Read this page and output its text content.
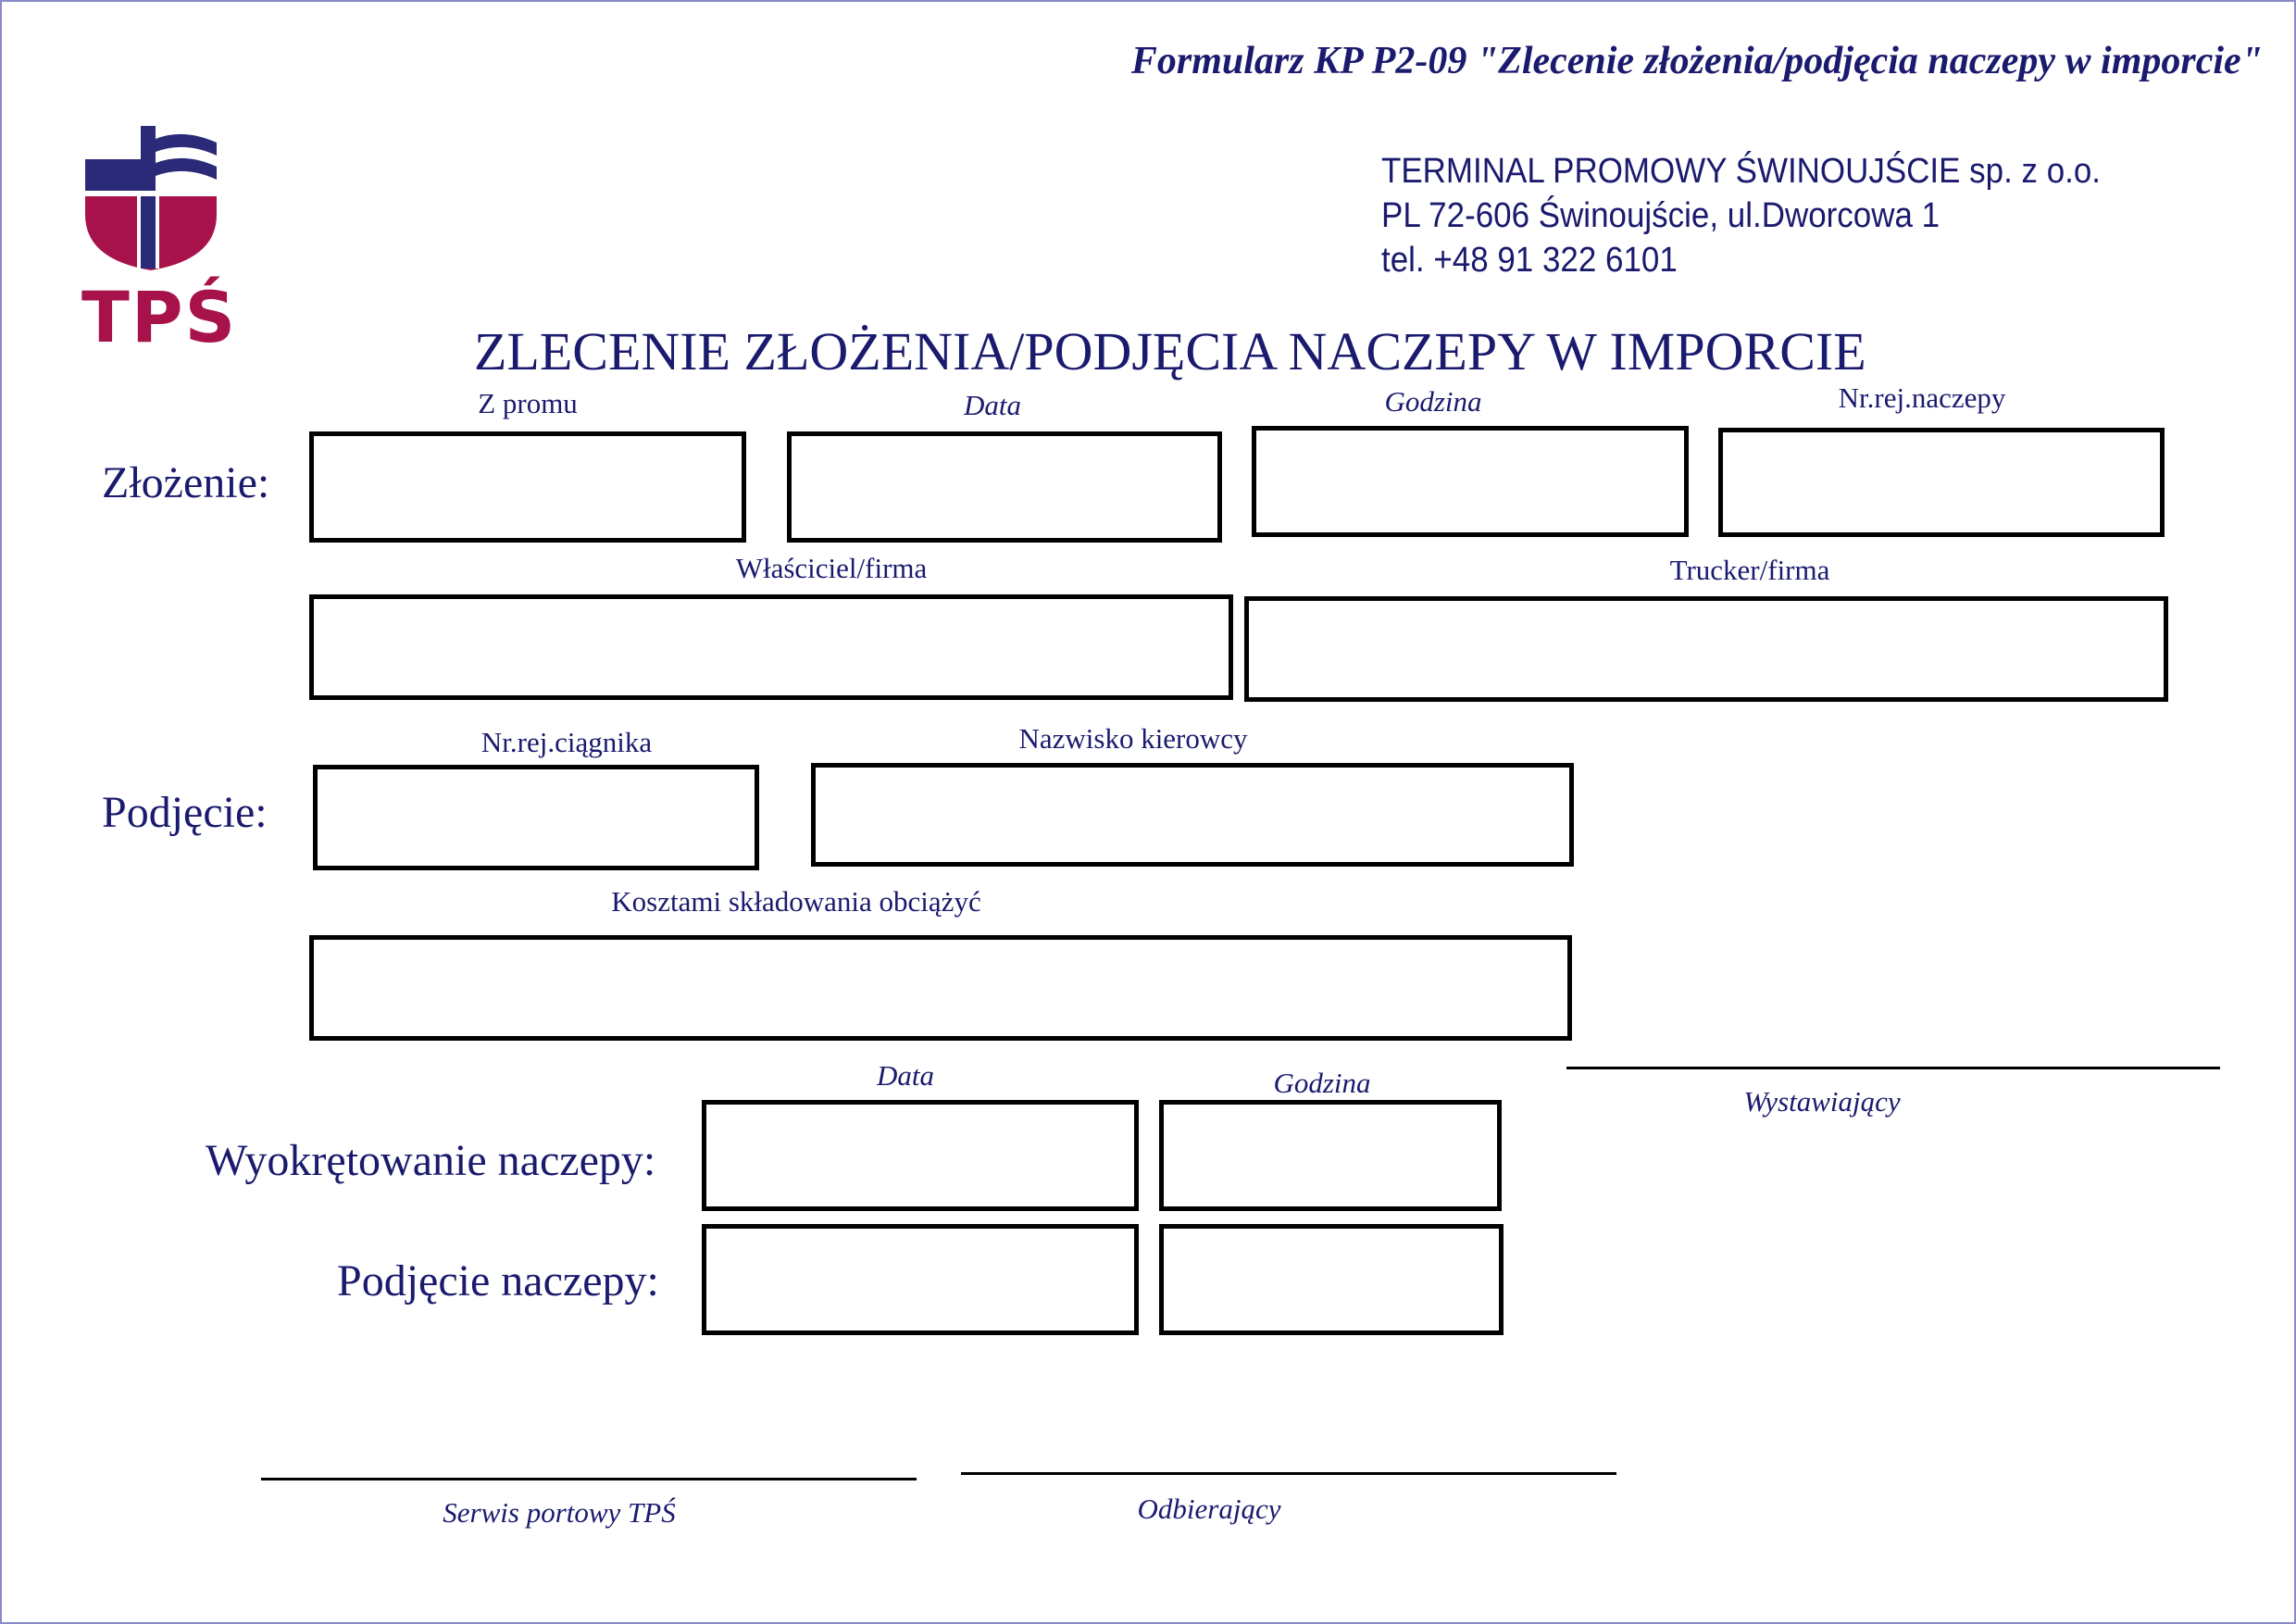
Formularz KP P2-09 "Zlecenie złożenia/podjęcia naczepy w imporcie"
TPŚ
TERMINAL PROMOWY ŚWINOUJŚCIE sp. z o.o.
PL 72-606 Świnoujście, ul.Dworcowa 1
tel. +48 91 322 6101
ZLECENIE ZŁOŻENIA/PODJĘCIA NACZEPY W IMPORCIE
Złożenie:
Z promu	Data	Godzina	Nr.rej.naczepy
Właściciel/firma	Trucker/firma
Podjęcie:
Nr.rej.ciągnika	Nazwisko kierowcy
Kosztami składowania obciążyć
Data	Godzina
Wyokrętowanie naczepy:
Podjęcie naczepy:
Wystawiający
Serwis portowy TPŚ	Odbierający
